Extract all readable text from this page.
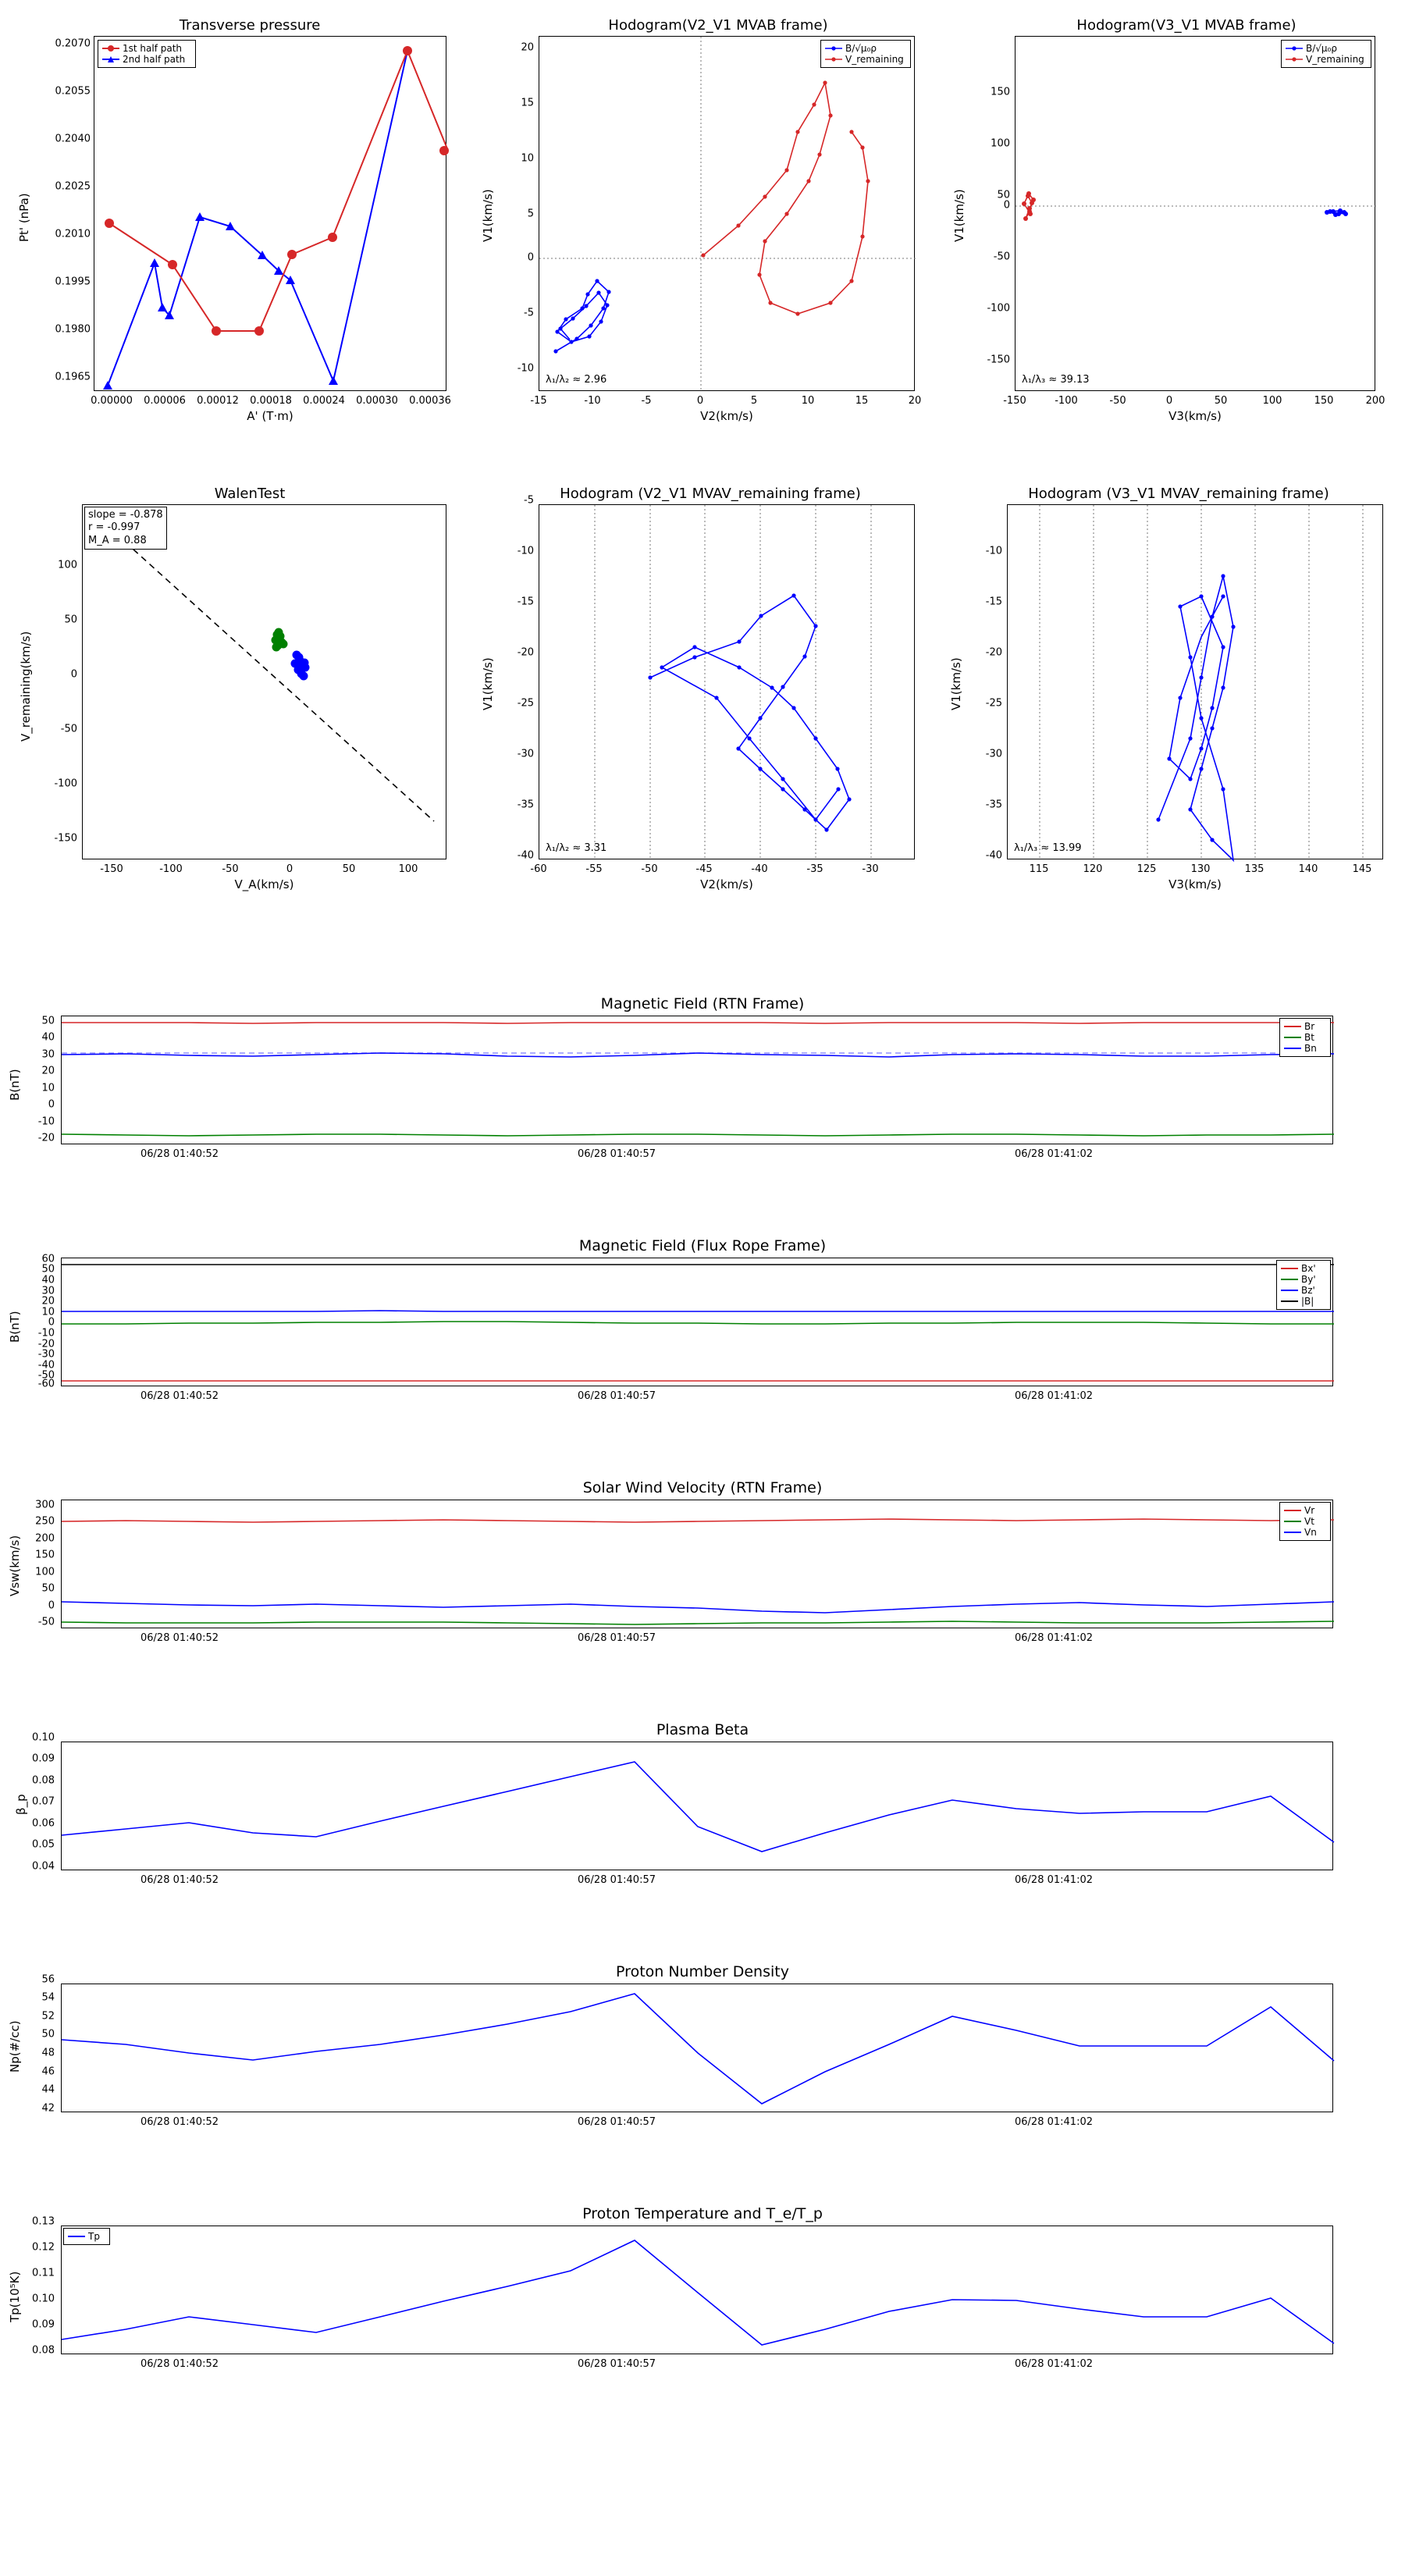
Transverse pressure
1st half path
2nd half path
0.2070
0.2055
0.2040
0.2025
0.2010
0.1995
0.1980
0.1965
0.00000 0.00006 0.00012 0.00018 0.00024 0.00030 0.00036
A' (T·m)
Pt' (nPa)
Hodogram(V2_V1 MVAB frame)
B/√μ₀ρ
V_remaining
λ₁/λ₂ ≈ 2.96
20
15
10
5
0
-5
-10
-15	-10	-5	0	5	10	15	20
V2(km/s)
V1(km/s)
Hodogram(V3_V1 MVAB frame)
B/√μ₀ρ
V_remaining
λ₁/λ₃ ≈ 39.13
150
100
50
0
-50
-100
-150
-150	-100	-50	0	50	100	150	200
V3(km/s)
V1(km/s)
WalenTest
slope = -0.878
r = -0.997
M_A = 0.88
100
50
0
-50
-100
-150
-150	-100	-50	0	50	100
V_A(km/s)
V_remaining(km/s)
Hodogram (V2_V1 MVAV_remaining frame)
λ₁/λ₂ ≈ 3.31
-5
-10
-15
-20
-25
-30
-35
-40
-60	-55	-50	-45	-40	-35	-30
V2(km/s)
V1(km/s)
Hodogram (V3_V1 MVAV_remaining frame)
λ₁/λ₃ ≈ 13.99
-10
-15
-20
-25
-30
-35
-40
115	120	125	130	135	140	145
V3(km/s)
V1(km/s)
Magnetic Field (RTN Frame)
Br
Bt
Bn
50
40
30
20
10
0
-10
-20
06/28 01:40:52	06/28 01:40:57	06/28 01:41:02
B(nT)
Magnetic Field (Flux Rope Frame)
Bx'
By'
Bz'
|B|
60
50
40
30
20
10
0
-10
-20
-30
-40
-50
-60
06/28 01:40:52	06/28 01:40:57	06/28 01:41:02
B(nT)
Solar Wind Velocity (RTN Frame)
Vr
Vt
Vn
300
250
200
150
100
50
0
-50
06/28 01:40:52	06/28 01:40:57	06/28 01:41:02
Vsw(km/s)
Plasma Beta
0.10
0.09
0.08
0.07
0.06
0.05
0.04
06/28 01:40:52	06/28 01:40:57	06/28 01:41:02
β_p
Proton Number Density
56
54
52
50
48
46
44
42
06/28 01:40:52	06/28 01:40:57	06/28 01:41:02
Np(#/cc)
Proton Temperature and T_e/T_p
Tp
0.13
0.12
0.11
0.10
0.09
0.08
06/28 01:40:52	06/28 01:40:57	06/28 01:41:02
Tp(10⁵K)
